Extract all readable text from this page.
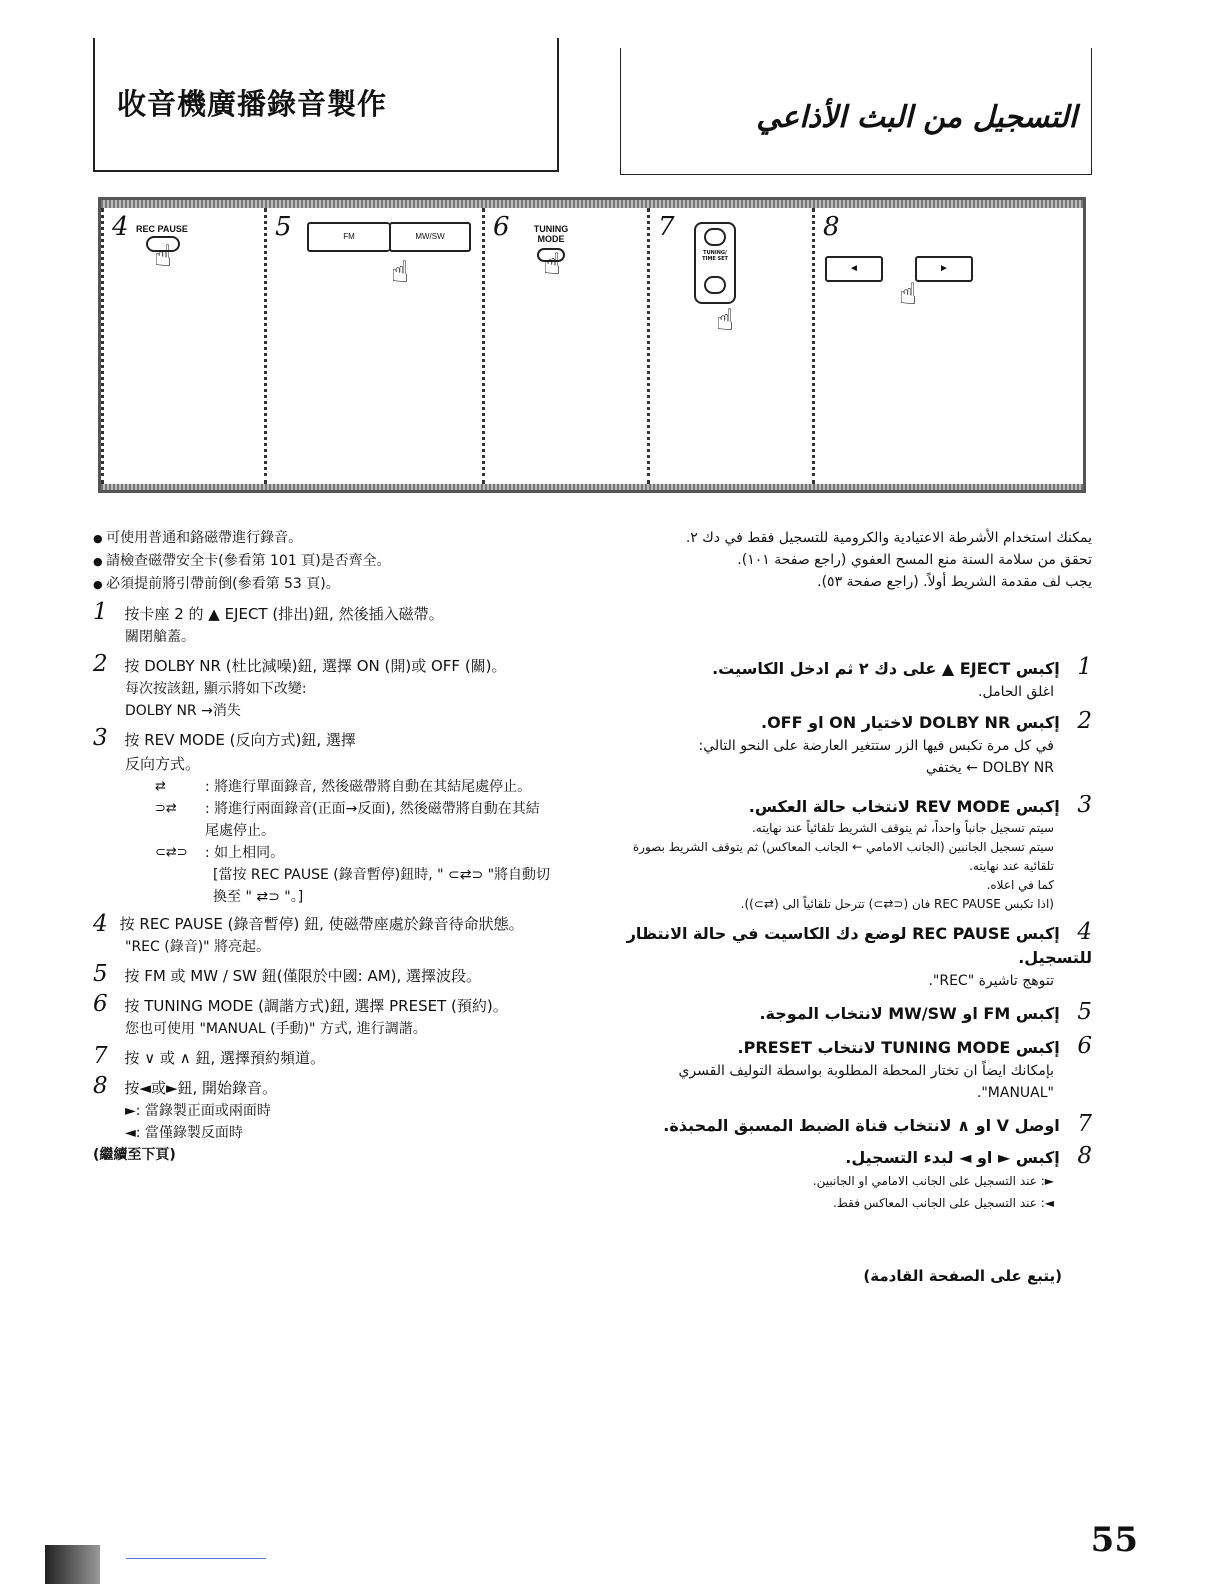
收音機廣播錄音製作	التسجيل من البث الأذاعي
4 REC PAUSE
☝
5	FM	MW/SW
☝
6	TUNING MODE
☝
7
TUNING/ TIME SET
☝
8
◄	►
☝
● 可使用普通和鉻磁帶進行錄音。
● 請檢查磁帶安全卡(參看第 101 頁)是否齊全。
● 必須提前將引帶前倒(參看第 53 頁)。
1 按卡座 2 的 ▲ EJECT (排出)鈕, 然後插入磁帶。
關閉艙蓋。
2 按 DOLBY NR (杜比減噪)鈕, 選擇 ON (開)或 OFF (關)。
每次按該鈕, 顯示將如下改變:
DOLBY NR →消失
3 按 REV MODE (反向方式)鈕, 選擇
反向方式。
⇄	: 將進行單面錄音, 然後磁帶將自動在其結尾處停止。
⊃⇄	: 將進行兩面錄音(正面→反面), 然後磁帶將自動在其結尾處停止。
⊂⇄⊃	: 如上相同。
[當按 REC PAUSE (錄音暫停)鈕時, " ⊂⇄⊃ "將自動切換至 " ⇄⊃ "。]
4 按 REC PAUSE (錄音暫停) 鈕, 使磁帶座處於錄音待命狀態。
"REC (錄音)" 將亮起。
5 按 FM 或 MW / SW 鈕(僅限於中國: AM), 選擇波段。
6 按 TUNING MODE (調諧方式)鈕, 選擇 PRESET (預約)。
您也可使用 "MANUAL (手動)" 方式, 進行調諧。
7 按 ∨ 或 ∧ 鈕, 選擇預約頻道。
8 按◄或►鈕, 開始錄音。
►: 當錄製正面或兩面時
◄: 當僅錄製反面時
(繼續至下頁)
يمكنك استخدام الأشرطة الاعتيادية والكرومية للتسجيل فقط في دك ٢.
تحقق من سلامة السنة منع المسح العفوي (راجع صفحة ١٠١).
يجب لف مقدمة الشريط أولاً. (راجع صفحة ٥٣).
1 إكبس EJECT ▲ على دك ٢ ثم ادخل الكاسيت.
اغلق الحامل.
2 إكبس DOLBY NR لاختيار ON او OFF.
في كل مرة تكبس فيها الزر ستتغير العارضة على النحو التالي:
DOLBY NR ← يختفي
3 إكبس REV MODE لانتخاب حالة العكس.
سيتم تسجيل جانباً واحداً، ثم يتوقف الشريط تلقائياً عند نهايته.
سيتم تسجيل الجانبين (الجانب الامامي ← الجانب المعاكس) ثم يتوقف الشريط بصورة تلقائية عند نهايته.
كما في اعلاه.
(اذا تكبس REC PAUSE فان (⊂⇄⊃) تترحل تلقائياً الى (⇄⊃)).
4 إكبس REC PAUSE لوضع دك الكاسيت في حالة الانتظار للتسجيل.
تتوهج تاشيرة "REC".
5 إكبس FM او MW/SW لانتخاب الموجة.
6 إكبس TUNING MODE لانتخاب PRESET.
بإمكانك ايضاً ان تختار المحطة المطلوبة بواسطة التوليف القسري "MANUAL".
7 اوصل V او ∧ لانتخاب قناة الضبط المسبق المحبذة.
8 إكبس ► او ◄ لبدء التسجيل.
►: عند التسجيل على الجانب الامامي او الجانبين.
◄: عند التسجيل على الجانب المعاكس فقط.
(يتبع على الصفحة القادمة)
55
